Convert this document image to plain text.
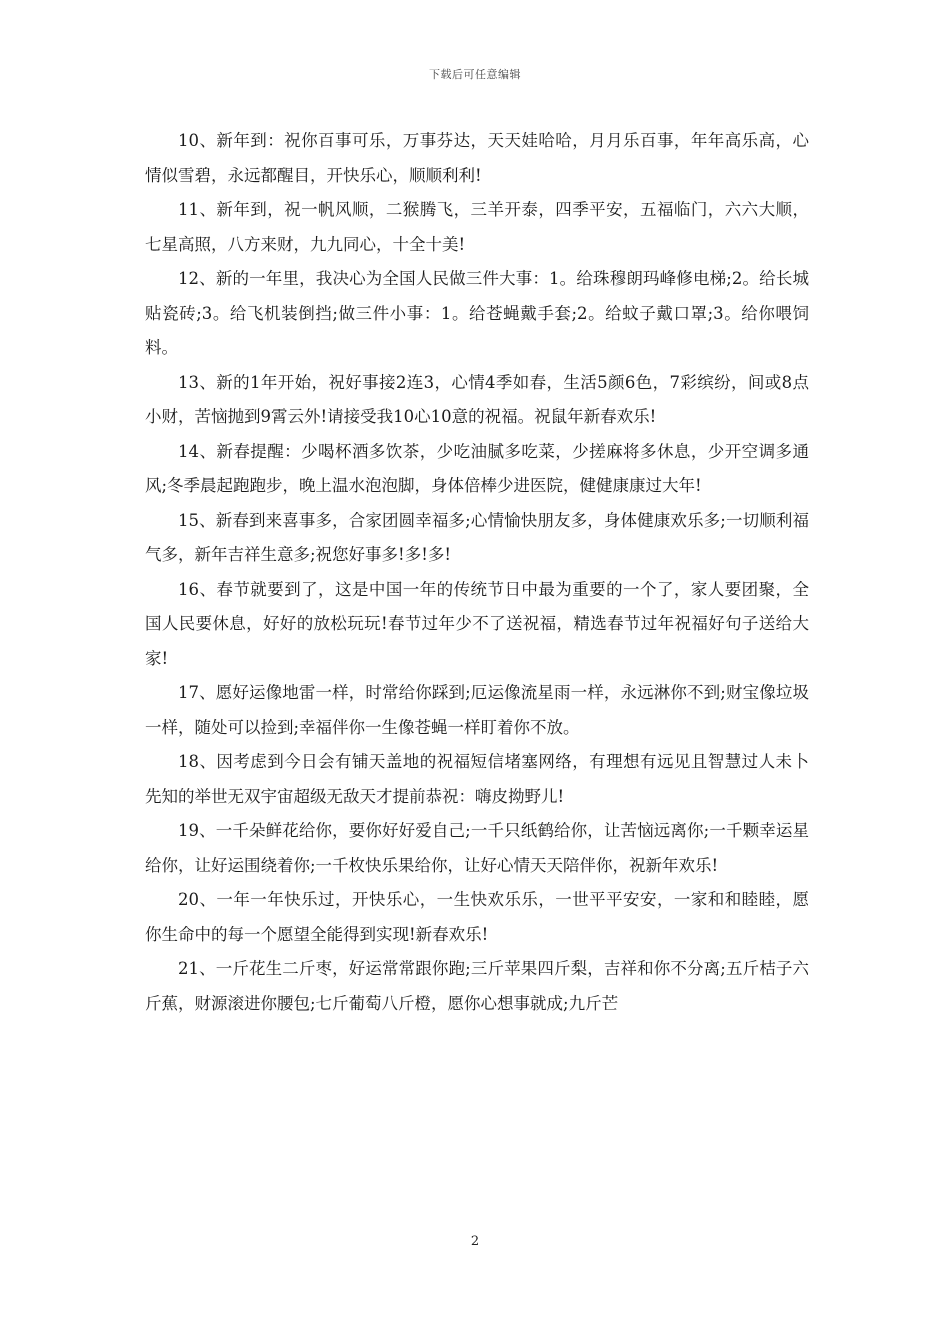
下载后可任意编辑

10、新年到：祝你百事可乐，万事芬达，天天娃哈哈，月月乐百事，年年高乐高，心情似雪碧，永远都醒目，开快乐心，顺顺利利!

11、新年到，祝一帆风顺，二猴腾飞，三羊开泰，四季平安，五福临门，六六大顺，七星高照，八方来财，九九同心，十全十美!

12、新的一年里，我决心为全国人民做三件大事：1。给珠穆朗玛峰修电梯;2。给长城贴瓷砖;3。给飞机装倒挡;做三件小事：1。给苍蝇戴手套;2。给蚊子戴口罩;3。给你喂饲料。

13、新的1年开始，祝好事接2连3，心情4季如春，生活5颜6色，7彩缤纷，间或8点小财，苦恼抛到9霄云外!请接受我10心10意的祝福。祝鼠年新春欢乐!

14、新春提醒：少喝杯酒多饮茶，少吃油腻多吃菜，少搓麻将多休息，少开空调多通风;冬季晨起跑跑步，晚上温水泡泡脚，身体倍棒少进医院，健健康康过大年!

15、新春到来喜事多，合家团圆幸福多;心情愉快朋友多，身体健康欢乐多;一切顺利福气多，新年吉祥生意多;祝您好事多!多!多!

16、春节就要到了，这是中国一年的传统节日中最为重要的一个了，家人要团聚，全国人民要休息，好好的放松玩玩!春节过年少不了送祝福，精选春节过年祝福好句子送给大家!

17、愿好运像地雷一样，时常给你踩到;厄运像流星雨一样，永远淋你不到;财宝像垃圾一样，随处可以捡到;幸福伴你一生像苍蝇一样盯着你不放。

18、因考虑到今日会有铺天盖地的祝福短信堵塞网络，有理想有远见且智慧过人未卜先知的举世无双宇宙超级无敌天才提前恭祝：嗨皮拗野儿!

19、一千朵鲜花给你，要你好好爱自己;一千只纸鹤给你，让苦恼远离你;一千颗幸运星给你，让好运围绕着你;一千枚快乐果给你，让好心情天天陪伴你，祝新年欢乐!

20、一年一年快乐过，开快乐心，一生快欢乐乐，一世平平安安，一家和和睦睦，愿你生命中的每一个愿望全能得到实现!新春欢乐!

21、一斤花生二斤枣，好运常常跟你跑;三斤苹果四斤梨，吉祥和你不分离;五斤桔子六斤蕉，财源滚进你腰包;七斤葡萄八斤橙，愿你心想事就成;九斤芒

2
